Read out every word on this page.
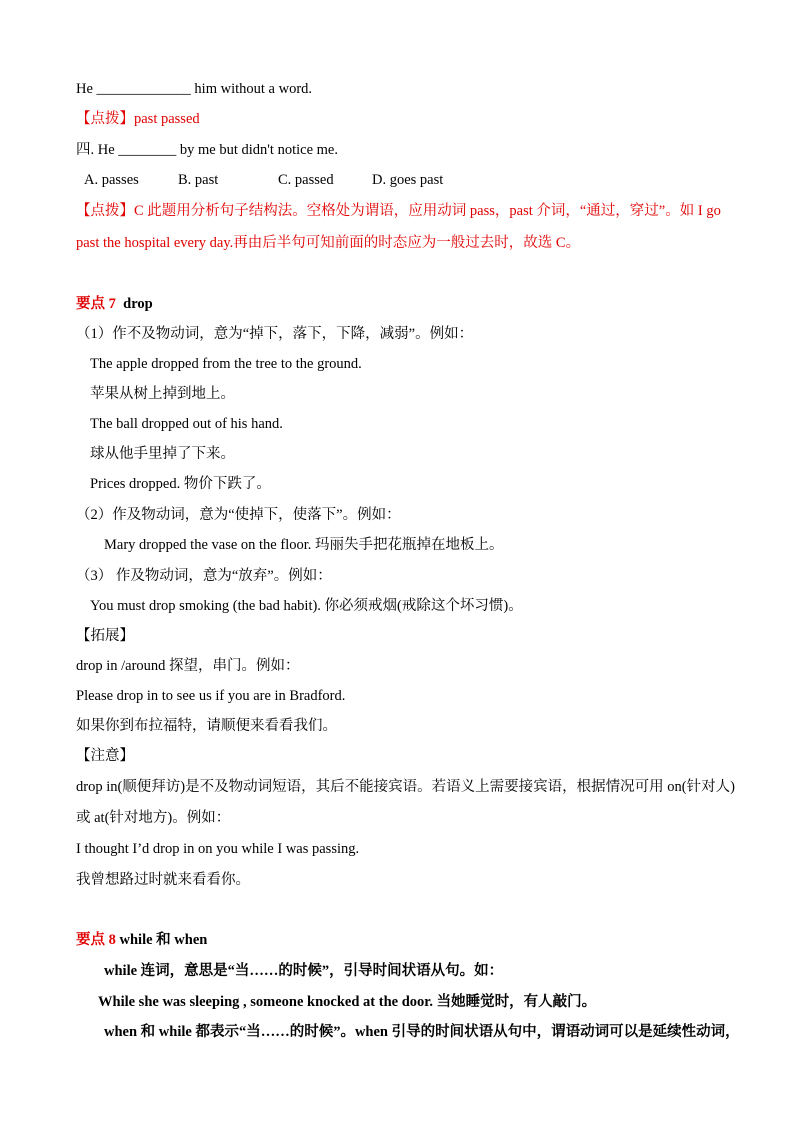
He _____________ him without a word.
【点拨】past passed
四. He ________ by me but didn't notice me.
A. passes	B. past	C. passed	D. goes past
【点拨】C 此题用分析句子结构法。空格处为谓语，应用动词 pass，past 介词，“通过，穿过”。如 I go
past the hospital every day.再由后半句可知前面的时态应为一般过去时，故选 C。
要点 7 drop
（1）作不及物动词，意为“掉下，落下，下降，减弱”。例如：
The apple dropped from the tree to the ground.
苹果从树上掉到地上。
The ball dropped out of his hand.
球从他手里掉了下来。
Prices dropped. 物价下跌了。
（2）作及物动词，意为“使掉下，使落下”。例如：
Mary dropped the vase on the floor. 玛丽失手把花瓶掉在地板上。
（3） 作及物动词，意为“放弃”。例如：
You must drop smoking (the bad habit). 你必须戒烟(戒除这个坏习惯)。
【拓展】
drop in /around 探望，串门。例如：
Please drop in to see us if you are in Bradford.
如果你到布拉福特，请顺便来看看我们。
【注意】
drop in(顺便拜访)是不及物动词短语，其后不能接宾语。若语义上需要接宾语，根据情况可用 on(针对人)
或 at(针对地方)。例如：
I thought I’d drop in on you while I was passing.
我曾想路过时就来看看你。
要点 8 while 和 when
while 连词，意思是“当……的时候”，引导时间状语从句。如：
While she was sleeping , someone knocked at the door. 当她睡觉时，有人敲门。
when 和 while 都表示“当……的时候”。when 引导的时间状语从句中，谓语动词可以是延续性动词，
